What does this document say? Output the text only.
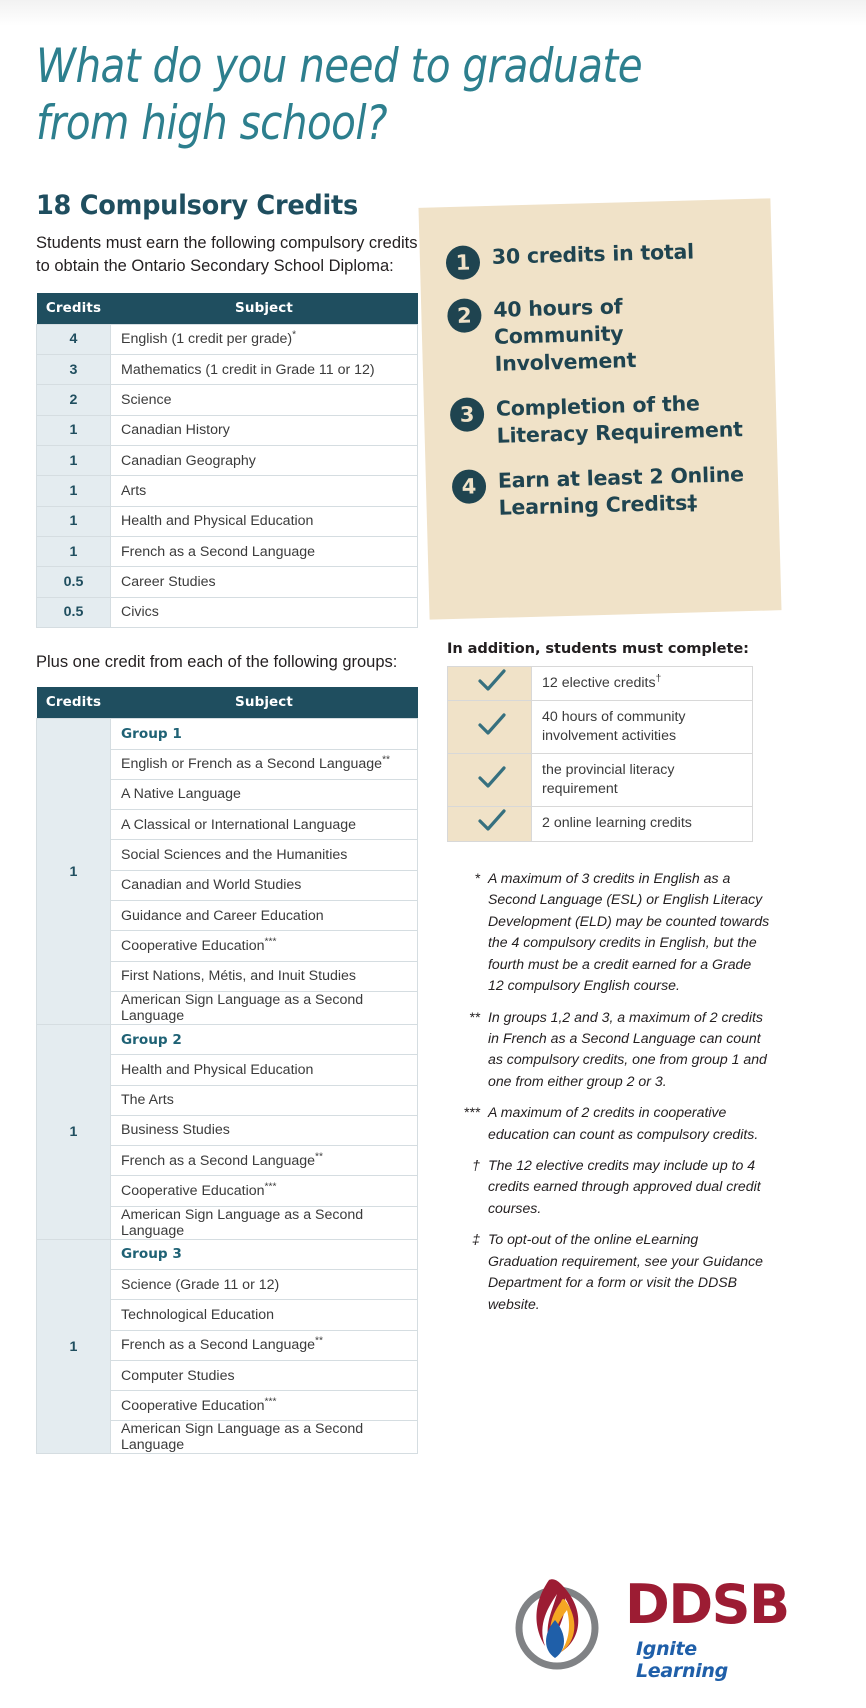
What do you need to graduate from high school?
1	30 credits in total
2	40 hours of Community Involvement
3	Completion of the Literacy Requirement
4	Earn at least 2 Online Learning Credits‡
18 Compulsory Credits
Students must earn the following compulsory credits to obtain the Ontario Secondary School Diploma:
Credits	Subject
4	English (1 credit per grade)*
3	Mathematics (1 credit in Grade 11 or 12)
2	Science
1	Canadian History
1	Canadian Geography
1	Arts
1	Health and Physical Education
1	French as a Second Language
0.5	Career Studies
0.5	Civics
Plus one credit from each of the following groups:
Credits	Subject
1	Group 1
	English or French as a Second Language**
	A Native Language
	A Classical or International Language
	Social Sciences and the Humanities
	Canadian and World Studies
	Guidance and Career Education
	Cooperative Education***
	First Nations, Métis, and Inuit Studies
	American Sign Language as a Second Language
1	Group 2
	Health and Physical Education
	The Arts
	Business Studies
	French as a Second Language**
	Cooperative Education***
	American Sign Language as a Second Language
1	Group 3
	Science (Grade 11 or 12)
	Technological Education
	French as a Second Language**
	Computer Studies
	Cooperative Education***
	American Sign Language as a Second Language
In addition, students must complete:
	12 elective credits†
	40 hours of community involvement activities
	the provincial literacy requirement
	2 online learning credits
* A maximum of 3 credits in English as a Second Language (ESL) or English Literacy Development (ELD) may be counted towards the 4 compulsory credits in English, but the fourth must be a credit earned for a Grade 12 compulsory English course.
** In groups 1,2 and 3, a maximum of 2 credits in French as a Second Language can count as compulsory credits, one from group 1 and one from either group 2 or 3.
*** A maximum of 2 credits in cooperative education can count as compulsory credits.
† The 12 elective credits may include up to 4 credits earned through approved dual credit courses.
‡ To opt-out of the online eLearning Graduation requirement, see your Guidance Department for a form or visit the DDSB website.
DDSB
Ignite Learning
